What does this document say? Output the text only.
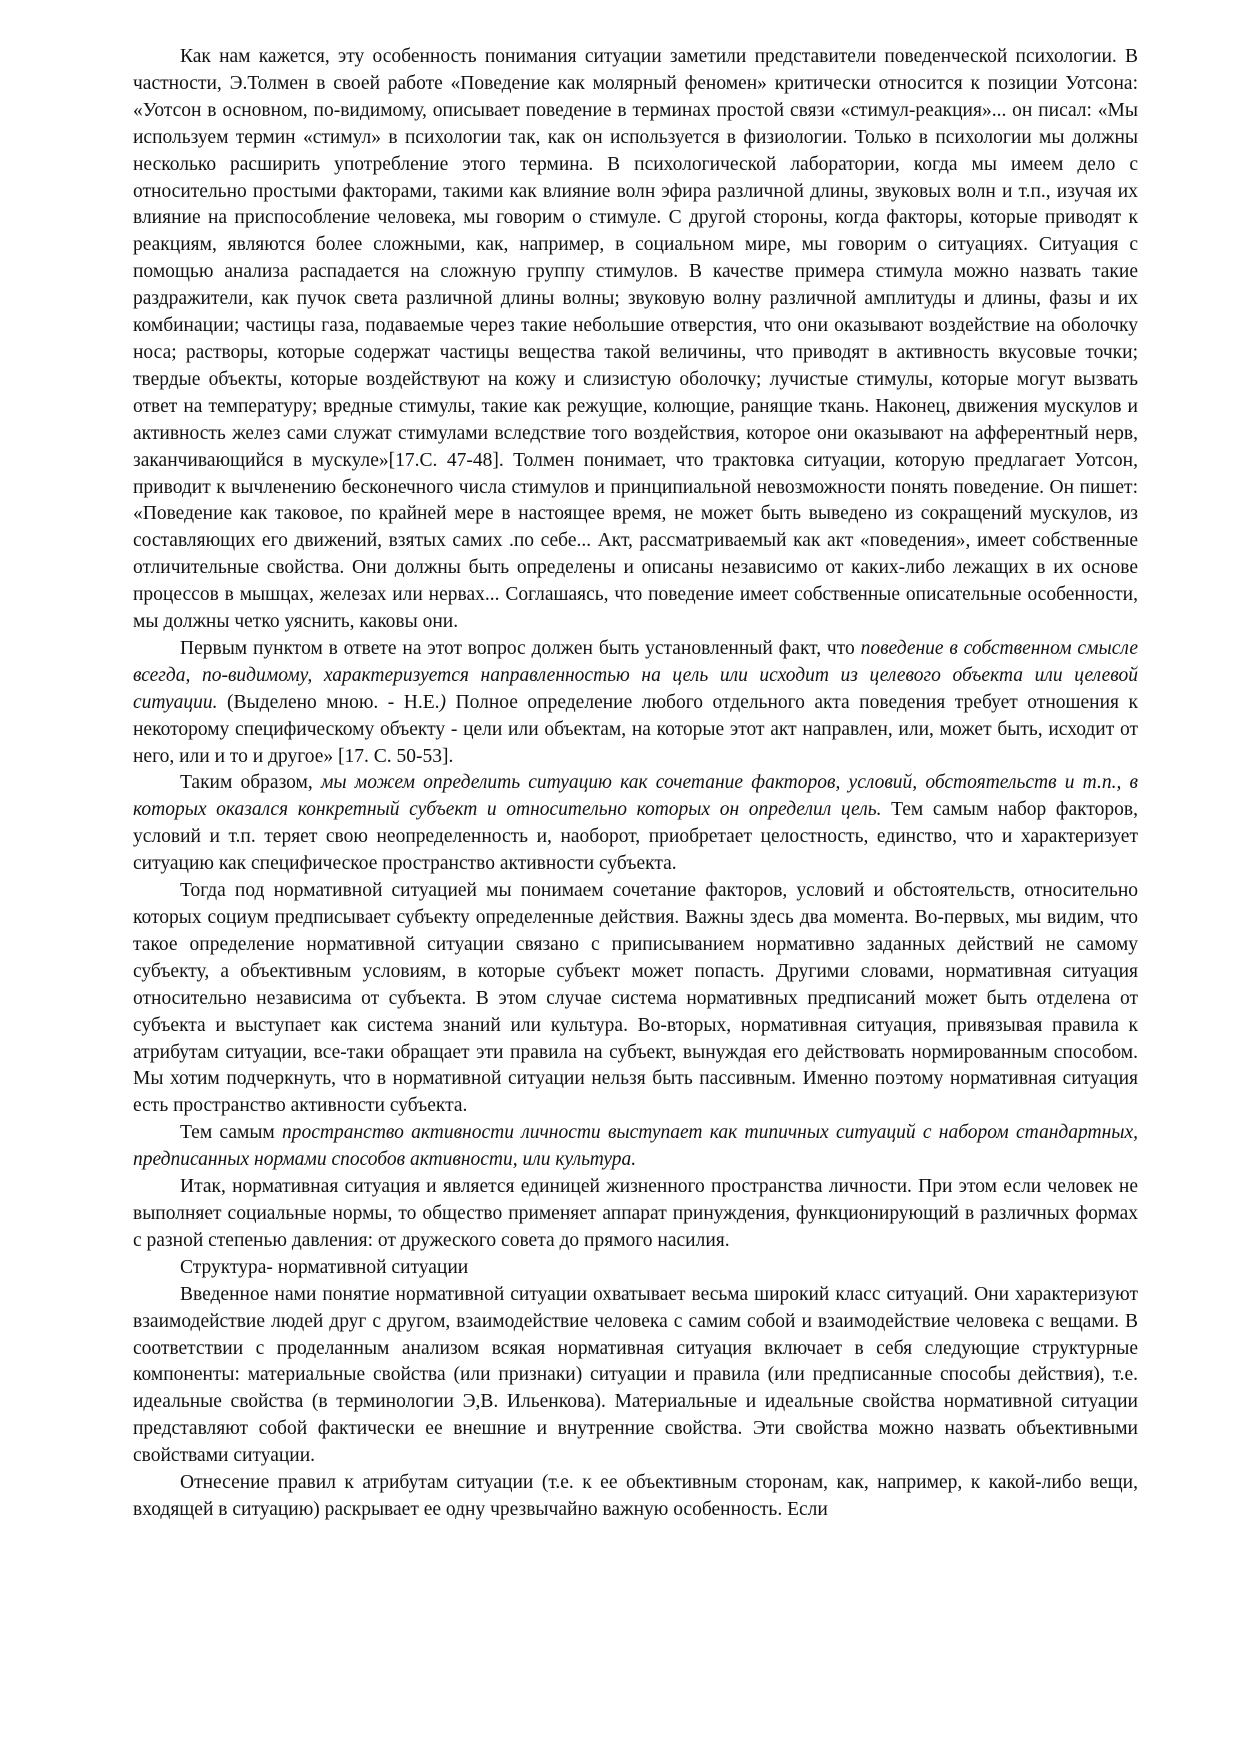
Как нам кажется, эту особенность понимания ситуации заметили представители поведенческой психологии. В частности, Э.Толмен в своей работе «Поведение как молярный феномен» критически относится к позиции Уотсона: «Уотсон в основном, по-видимому, описывает поведение в терминах простой связи «стимул-реакция»... он писал: «Мы используем термин «стимул» в психологии так, как он используется в физиологии. Только в психологии мы должны несколько расширить употребление этого термина. В психологической лаборатории, когда мы имеем дело с относительно простыми факторами, такими как влияние волн эфира различной длины, звуковых волн и т.п., изучая их влияние на приспособление человека, мы говорим о стимуле. С другой стороны, когда факторы, которые приводят к реакциям, являются более сложными, как, например, в социальном мире, мы говорим о ситуациях. Ситуация с помощью анализа распадается на сложную группу стимулов. В качестве примера стимула можно назвать такие раздражители, как пучок света различной длины волны; звуковую волну различной амплитуды и длины, фазы и их комбинации; частицы газа, подаваемые через такие небольшие отверстия, что они оказывают воздействие на оболочку носа; растворы, которые содержат частицы вещества такой величины, что приводят в активность вкусовые точки; твердые объекты, которые воздействуют на кожу и слизистую оболочку; лучистые стимулы, которые могут вызвать ответ на температуру; вредные стимулы, такие как режущие, колющие, ранящие ткань. Наконец, движения мускулов и активность желез сами служат стимулами вследствие того воздействия, которое они оказывают на афферентный нерв, заканчивающийся в мускуле»[17.С. 47-48]. Толмен понимает, что трактовка ситуации, которую предлагает Уотсон, приводит к вычленению бесконечного числа стимулов и принципиальной невозможности понять поведение. Он пишет: «Поведение как таковое, по крайней мере в настоящее время, не может быть выведено из сокращений мускулов, из составляющих его движений, взятых самих .по себе... Акт, рассматриваемый как акт «поведения», имеет собственные отличительные свойства. Они должны быть определены и описаны независимо от каких-либо лежащих в их основе процессов в мышцах, железах или нервах... Соглашаясь, что поведение имеет собственные описательные особенности, мы должны четко уяснить, каковы они.

Первым пунктом в ответе на этот вопрос должен быть установленный факт, что поведение в собственном смысле всегда, по-видимому, характеризуется направленностью на цель или исходит из целевого объекта или целевой ситуации. (Выделено мною. - Н.Е.) Полное определение любого отдельного акта поведения требует отношения к некоторому специфическому объекту - цели или объектам, на которые этот акт направлен, или, может быть, исходит от него, или и то и другое» [17. С. 50-53].

Таким образом, мы можем определить ситуацию как сочетание факторов, условий, обстоятельств и т.п., в которых оказался конкретный субъект и относительно которых он определил цель. Тем самым набор факторов, условий и т.п. теряет свою неопределенность и, наоборот, приобретает целостность, единство, что и характеризует ситуацию как специфическое пространство активности субъекта.

Тогда под нормативной ситуацией мы понимаем сочетание факторов, условий и обстоятельств, относительно которых социум предписывает субъекту определенные действия. Важны здесь два момента. Во-первых, мы видим, что такое определение нормативной ситуации связано с приписыванием нормативно заданных действий не самому субъекту, а объективным условиям, в которые субъект может попасть. Другими словами, нормативная ситуация относительно независима от субъекта. В этом случае система нормативных предписаний может быть отделена от субъекта и выступает как система знаний или культура. Во-вторых, нормативная ситуация, привязывая правила к атрибутам ситуации, все-таки обращает эти правила на субъект, вынуждая его действовать нормированным способом. Мы хотим подчеркнуть, что в нормативной ситуации нельзя быть пассивным. Именно поэтому нормативная ситуация есть пространство активности субъекта.

Тем самым пространство активности личности выступает как типичных ситуаций с набором стандартных, предписанных нормами способов активности, или культура.

Итак, нормативная ситуация и является единицей жизненного пространства личности. При этом если человек не выполняет социальные нормы, то общество применяет аппарат принуждения, функционирующий в различных формах с разной степенью давления: от дружеского совета до прямого насилия.

Структура- нормативной ситуации

Введенное нами понятие нормативной ситуации охватывает весьма широкий класс ситуаций. Они характеризуют взаимодействие людей друг с другом, взаимодействие человека с самим собой и взаимодействие человека с вещами. В соответствии с проделанным анализом всякая нормативная ситуация включает в себя следующие структурные компоненты: материальные свойства (или признаки) ситуации и правила (или предписанные способы действия), т.е. идеальные свойства (в терминологии Э,В. Ильенкова). Материальные и идеальные свойства нормативной ситуации представляют собой фактически ее внешние и внутренние свойства. Эти свойства можно назвать объективными свойствами ситуации.

Отнесение правил к атрибутам ситуации (т.е. к ее объективным сторонам, как, например, к какой-либо вещи, входящей в ситуацию) раскрывает ее одну чрезвычайно важную особенность. Если
